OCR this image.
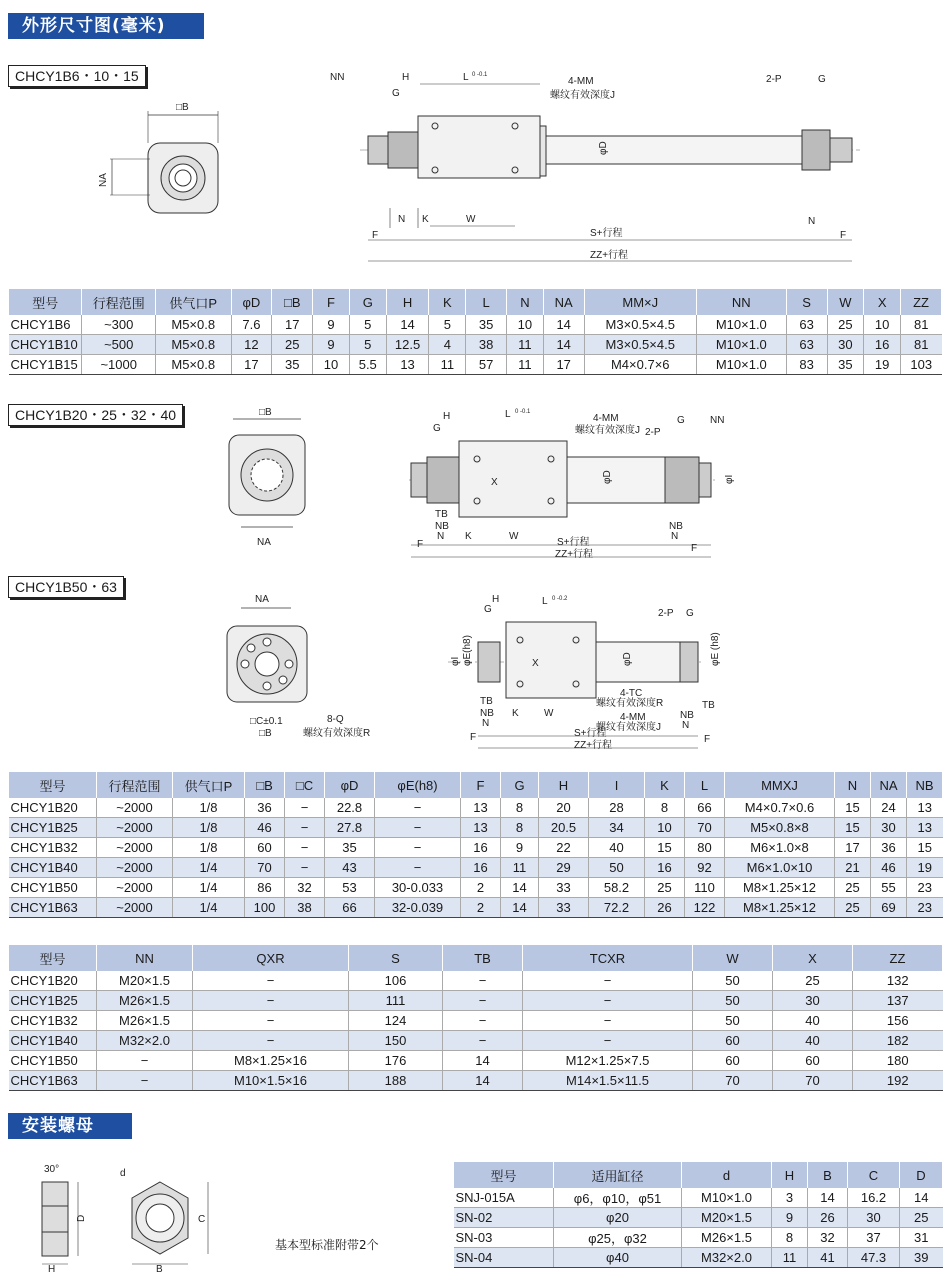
外形尺寸图(毫米)
CHCY1B6・10・15
□B
NA
NN	H
G
L 0 -0.1
4-MM
螺纹有效深度J
2-P	G
φD
N K	W	N
F	S+行程	F
ZZ+行程
型号	行程范围	供气口P	φD	□B	F	G	H	K	L	N	NA	MM×J	NN	S	W	X	ZZ
CHCY1B6	~300	M5×0.8	7.6	17	9	5	14	5	35	10	14	M3×0.5×4.5	M10×1.0	63	25	10	81
CHCY1B10	~500	M5×0.8	12	25	9	5	12.5	4	38	11	14	M3×0.5×4.5	M10×1.0	63	30	16	81
CHCY1B15	~1000	M5×0.8	17	35	10	5.5	13	11	57	11	17	M4×0.7×6	M10×1.0	83	35	19	103
CHCY1B20・25・32・40	□B
NA
H
G
L 0 -0.1
4-MM
螺纹有效深度J 2-P
G	NN
X	φD	φI
TB
NB
N K	W
NB
N
F	S+行程
F
ZZ+行程
CHCY1B50・63
NA
□C±0.1
□B
8-Q
螺纹有效深度R
H
G
L 0 -0.2
2-P G
φI φE(h8)	X	φD	φE (h8)
4-TC
螺纹有效深度R
4-MM
螺纹有效深度J
TB
NB
N
K	W	NB
N
TB
F	S+行程
ZZ+行程
F
型号	行程范围	供气口P	□B	□C	φD	φE(h8)	F	G	H	I	K	L	MMXJ	N	NA	NB
CHCY1B20	~2000	1/8	36	−	22.8	−	13	8	20	28	8	66	M4×0.7×0.6	15	24	13
CHCY1B25	~2000	1/8	46	−	27.8	−	13	8	20.5	34	10	70	M5×0.8×8	15	30	13
CHCY1B32	~2000	1/8	60	−	35	−	16	9	22	40	15	80	M6×1.0×8	17	36	15
CHCY1B40	~2000	1/4	70	−	43	−	16	11	29	50	16	92	M6×1.0×10	21	46	19
CHCY1B50	~2000	1/4	86	32	53	30-0.033	2	14	33	58.2	25	110	M8×1.25×12	25	55	23
CHCY1B63	~2000	1/4	100	38	66	32-0.039	2	14	33	72.2	26	122	M8×1.25×12	25	69	23
型号	NN	QXR	S	TB	TCXR	W	X	ZZ
CHCY1B20	M20×1.5	−	106	−	−	50	25	132
CHCY1B25	M26×1.5	−	111	−	−	50	30	137
CHCY1B32	M26×1.5	−	124	−	−	50	40	156
CHCY1B40	M32×2.0	−	150	−	−	60	40	182
CHCY1B50	−	M8×1.25×16	176	14	M12×1.25×7.5	60	60	180
CHCY1B63	−	M10×1.5×16	188	14	M14×1.5×11.5	70	70	192
安装螺母
30°
D
H
d
C
B
基本型标准附带2个
型号	适用缸径	d	H	B	C	D
SNJ-015A	φ6，φ10，φ51	M10×1.0	3	14	16.2	14
SN-02	φ20	M20×1.5	9	26	30	25
SN-03	φ25，φ32	M26×1.5	8	32	37	31
SN-04	φ40	M32×2.0	11	41	47.3	39
